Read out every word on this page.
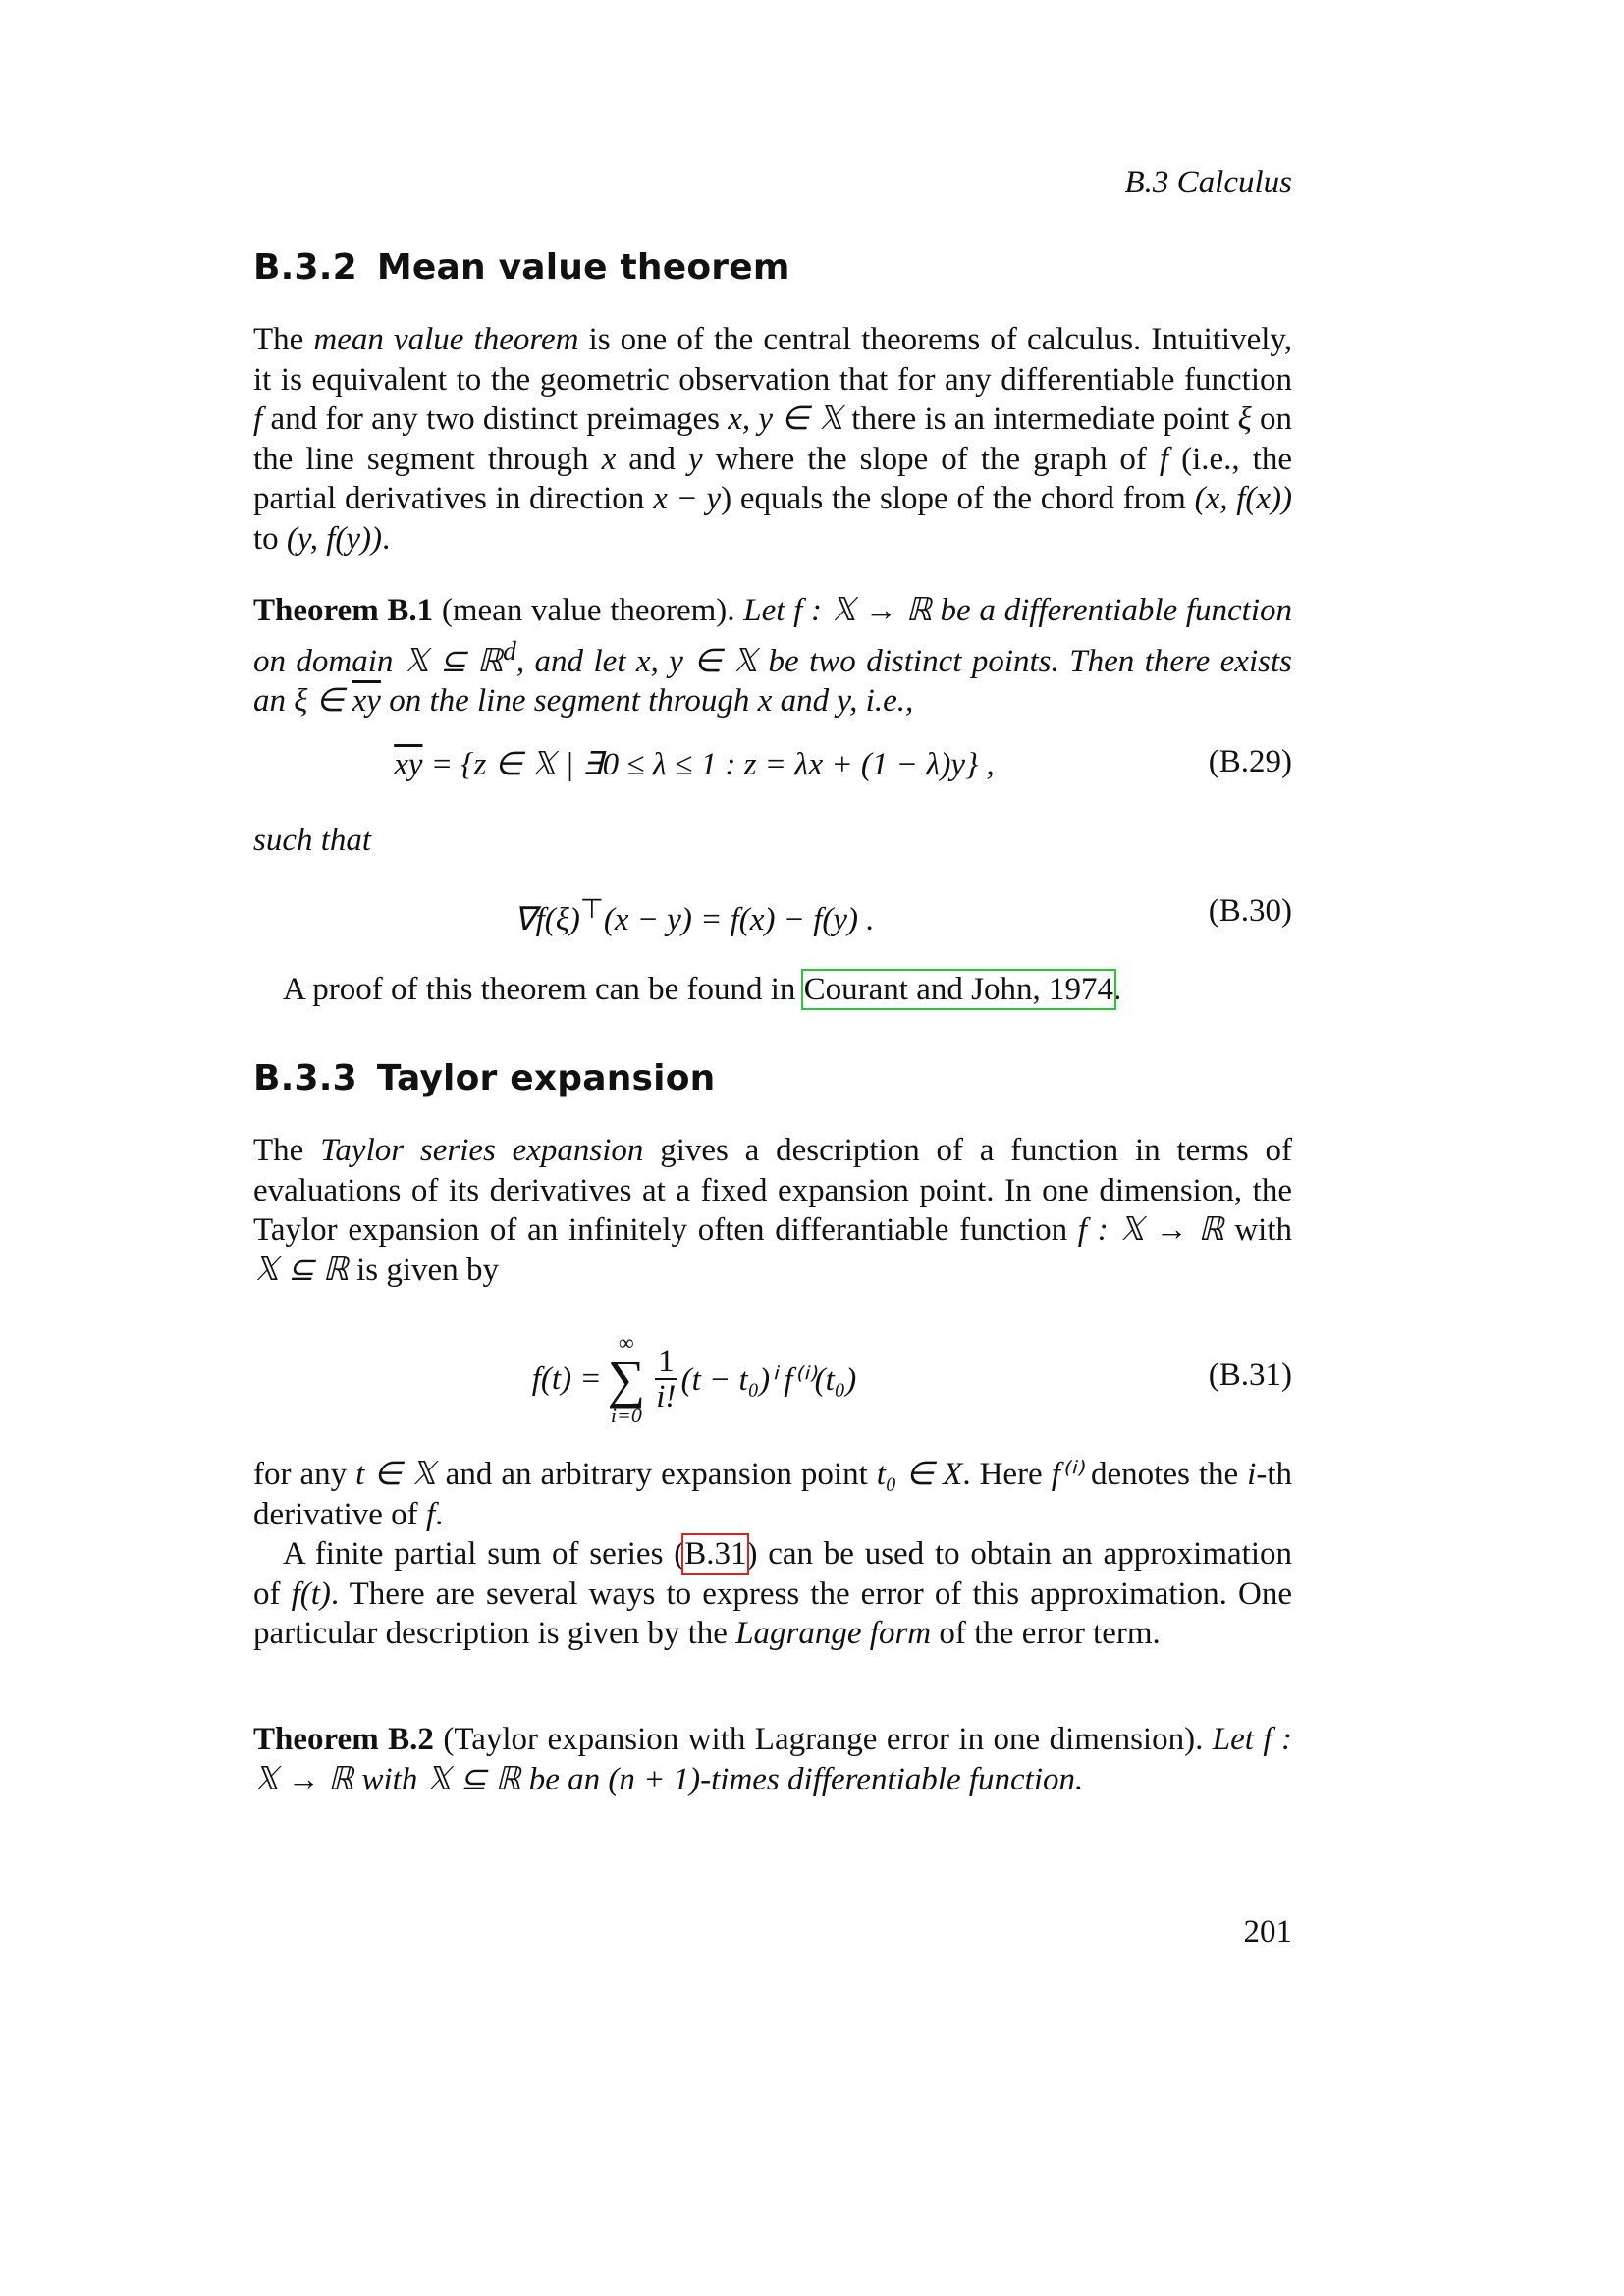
B.3 Calculus
B.3.2 Mean value theorem
The mean value theorem is one of the central theorems of calculus. Intuitively, it is equivalent to the geometric observation that for any differentiable function f and for any two distinct preimages x, y ∈ 𝕏 there is an intermediate point ξ on the line segment through x and y where the slope of the graph of f (i.e., the partial derivatives in direction x − y) equals the slope of the chord from (x, f(x)) to (y, f(y)).
Theorem B.1 (mean value theorem). Let f : 𝕏 → ℝ be a differentiable function on domain 𝕏 ⊆ ℝ$^d$, and let x, y ∈ 𝕏 be two distinct points. Then there exists an ξ ∈ $\overline{xy}$ on the line segment through x and y, i.e.,
$\overline{xy} = \{z$ ∈ 𝕏 | ∃0 ≤ λ ≤ 1 : z = λx + (1 − λ)y} ,	(B.29)
such that
∇f(ξ)⊤(x − y) = f(x) − f(y) .	(B.30)
A proof of this theorem can be found in Courant and John, 1974.
B.3.3 Taylor expansion
The Taylor series expansion gives a description of a function in terms of evaluations of its derivatives at a fixed expansion point. In one dimension, the Taylor expansion of an infinitely often differantiable function f : 𝕏 → ℝ with 𝕏 ⊆ ℝ is given by
f(t) =
∞
∑
i=0
$\frac{1}{i!} (t - t_0)^i$ f⁽ⁱ⁾(t₀)	(B.31)
for any t ∈ 𝕏 and an arbitrary expansion point t₀ ∈ X. Here f⁽ⁱ⁾ denotes the i-th derivative of f.
A finite partial sum of series (B.31) can be used to obtain an approximation of f(t). There are several ways to express the error of this approximation. One particular description is given by the Lagrange form of the error term.
Theorem B.2 (Taylor expansion with Lagrange error in one dimension). Let f : 𝕏 → ℝ with 𝕏 ⊆ ℝ be an (n + 1)-times differentiable function.
201
